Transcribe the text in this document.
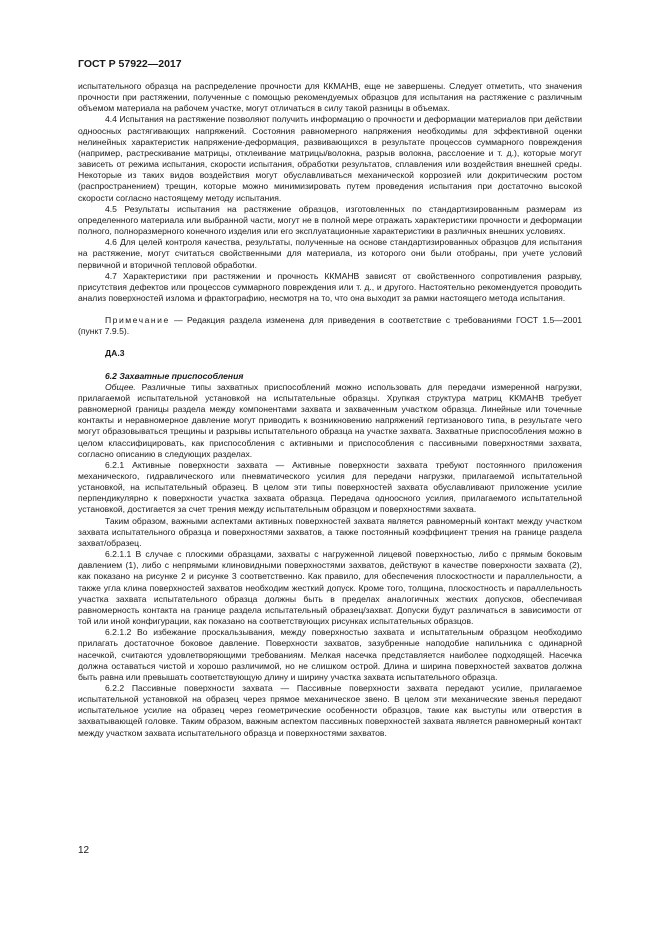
ГОСТ Р 57922—2017

испытательного образца на распределение прочности для ККМАНВ, еще не завершены. Следует отметить, что значения прочности при растяжении, полученные с помощью рекомендуемых образцов для испытания на растяжение с различным объемом материала на рабочем участке, могут отличаться в силу такой разницы в объемах.

4.4 Испытания на растяжение позволяют получить информацию о прочности и деформации материалов при действии одноосных растягивающих напряжений. Состояния равномерного напряжения необходимы для эффективной оценки нелинейных характеристик напряжение-деформация, развивающихся в результате процессов суммарного повреждения (например, растрескивание матрицы, отклеивание матрицы/волокна, разрыв волокна, расслоение и т. д.), которые могут зависеть от режима испытания, скорости испытания, обработки результатов, сплавления или воздействия внешней среды. Некоторые из таких видов воздействия могут обуславливаться механической коррозией или докритическим ростом (распространением) трещин, которые можно минимизировать путем проведения испытания при достаточно высокой скорости согласно настоящему методу испытания.

4.5 Результаты испытания на растяжение образцов, изготовленных по стандартизированным размерам из определенного материала или выбранной части, могут не в полной мере отражать характеристики прочности и деформации полного, полноразмерного конечного изделия или его эксплуатационные характеристики в различных внешних условиях.

4.6 Для целей контроля качества, результаты, полученные на основе стандартизированных образцов для испытания на растяжение, могут считаться свойственными для материала, из которого они были отобраны, при учете условий первичной и вторичной тепловой обработки.

4.7 Характеристики при растяжении и прочность ККМАНВ зависят от свойственного сопротивления разрыву, присутствия дефектов или процессов суммарного повреждения или т. д., и другого. Настоятельно рекомендуется проводить анализ поверхностей излома и фрактографию, несмотря на то, что она выходит за рамки настоящего метода испытания.

Примечание — Редакция раздела изменена для приведения в соответствие с требованиями ГОСТ 1.5—2001 (пункт 7.9.5).

ДА.3

6.2 Захватные приспособления

Общее. Различные типы захватных приспособлений можно использовать для передачи измеренной нагрузки, прилагаемой испытательной установкой на испытательные образцы. Хрупкая структура матриц ККМАНВ требует равномерной границы раздела между компонентами захвата и захваченным участком образца. Линейные или точечные контакты и неравномерное давление могут приводить к возникновению напряжений гертизанового типа, в результате чего могут образовываться трещины и разрывы испытательного образца на участке захвата. Захватные приспособления можно в целом классифицировать, как приспособления с активными и приспособления с пассивными поверхностями захвата, согласно описанию в следующих разделах.

6.2.1 Активные поверхности захвата — Активные поверхности захвата требуют постоянного приложения механического, гидравлического или пневматического усилия для передачи нагрузки, прилагаемой испытательной установкой, на испытательный образец. В целом эти типы поверхностей захвата обуславливают приложение усилие перпендикулярно к поверхности участка захвата образца. Передача одноосного усилия, прилагаемого испытательной установкой, достигается за счет трения между испытательным образцом и поверхностями захвата.

Таким образом, важными аспектами активных поверхностей захвата является равномерный контакт между участком захвата испытательного образца и поверхностями захватов, а также постоянный коэффициент трения на границе раздела захват/образец.

6.2.1.1 В случае с плоскими образцами, захваты с нагруженной лицевой поверхностью, либо с прямым боковым давлением (1), либо с непрямыми клиновидными поверхностями захватов, действуют в качестве поверхности захвата (2), как показано на рисунке 2 и рисунке 3 соответственно. Как правило, для обеспечения плоскостности и параллельности, а также угла клина поверхностей захватов необходим жесткий допуск. Кроме того, толщина, плоскостность и параллельность участка захвата испытательного образца должны быть в пределах аналогичных жестких допусков, обеспечивая равномерность контакта на границе раздела испытательный образец/захват. Допуски будут различаться в зависимости от той или иной конфигурации, как показано на соответствующих рисунках испытательных образцов.

6.2.1.2 Во избежание проскальзывания, между поверхностью захвата и испытательным образцом необходимо прилагать достаточное боковое давление. Поверхности захватов, зазубренные наподобие напильника с одинарной насечкой, считаются удовлетворяющими требованиям. Мелкая насечка представляется наиболее подходящей. Насечка должна оставаться чистой и хорошо различимой, но не слишком острой. Длина и ширина поверхностей захватов должна быть равна или превышать соответствующую длину и ширину участка захвата испытательного образца.

6.2.2 Пассивные поверхности захвата — Пассивные поверхности захвата передают усилие, прилагаемое испытательной установкой на образец через прямое механическое звено. В целом эти механические звенья передают испытательное усилие на образец через геометрические особенности образцов, такие как выступы или отверстия в захватывающей головке. Таким образом, важным аспектом пассивных поверхностей захвата является равномерный контакт между участком захвата испытательного образца и поверхностями захватов.

12
